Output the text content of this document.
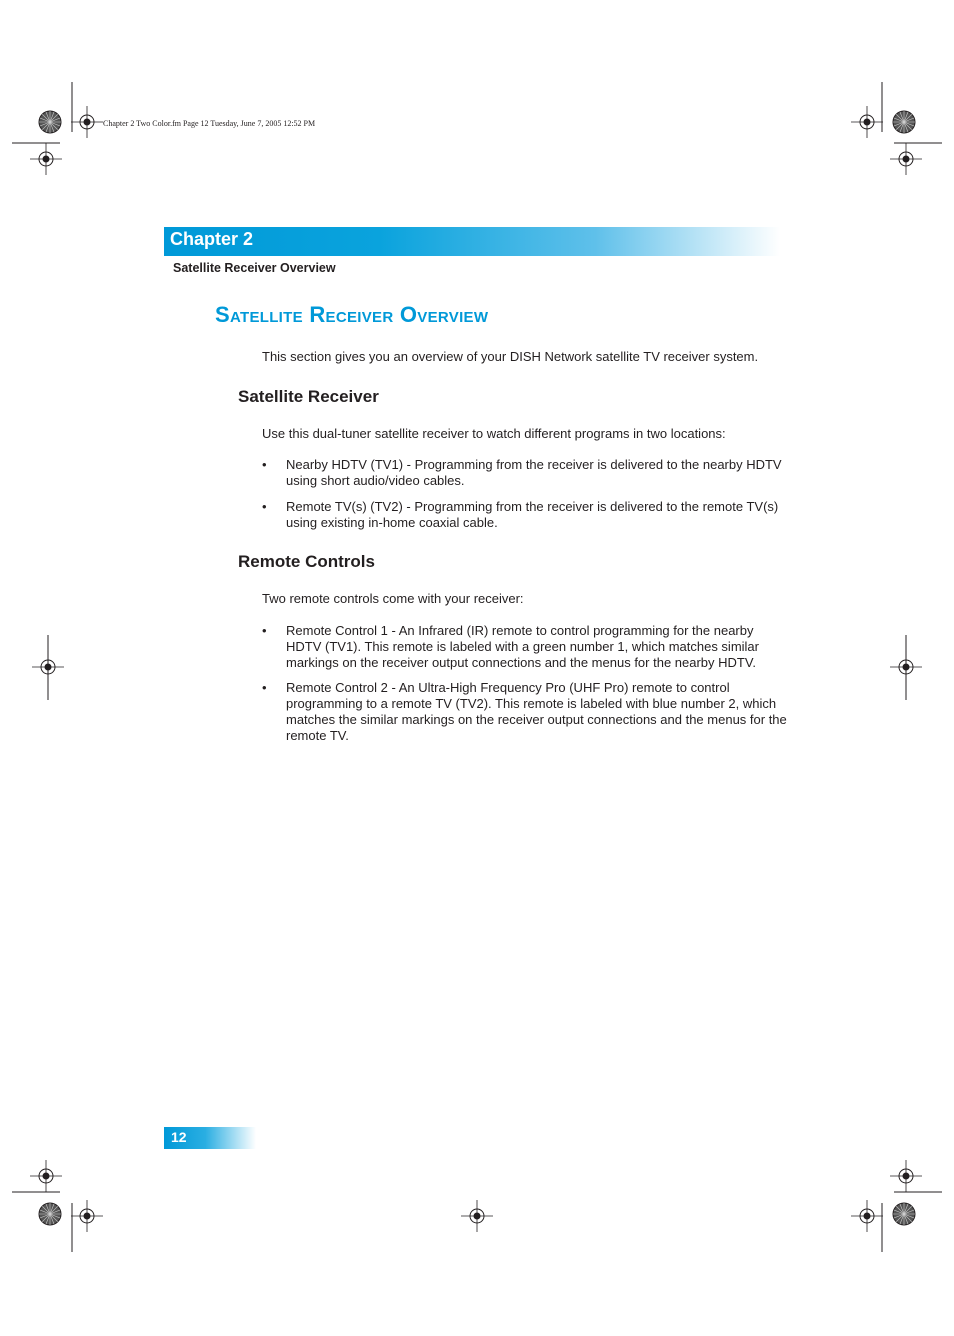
Chapter 2 Two Color.fm Page 12 Tuesday, June 7, 2005 12:52 PM
Chapter 2
Satellite Receiver Overview
Satellite Receiver Overview
This section gives you an overview of your DISH Network satellite TV receiver system.
Satellite Receiver
Use this dual-tuner satellite receiver to watch different programs in two locations:
• Nearby HDTV (TV1) - Programming from the receiver is delivered to the nearby HDTV using short audio/video cables.
• Remote TV(s) (TV2) - Programming from the receiver is delivered to the remote TV(s) using existing in-home coaxial cable.
Remote Controls
Two remote controls come with your receiver:
• Remote Control 1 - An Infrared (IR) remote to control programming for the nearby HDTV (TV1). This remote is labeled with a green number 1, which matches similar markings on the receiver output connections and the menus for the nearby HDTV.
• Remote Control 2 - An Ultra-High Frequency Pro (UHF Pro) remote to control programming to a remote TV (TV2). This remote is labeled with blue number 2, which matches the similar markings on the receiver output connections and the menus for the remote TV.
12
